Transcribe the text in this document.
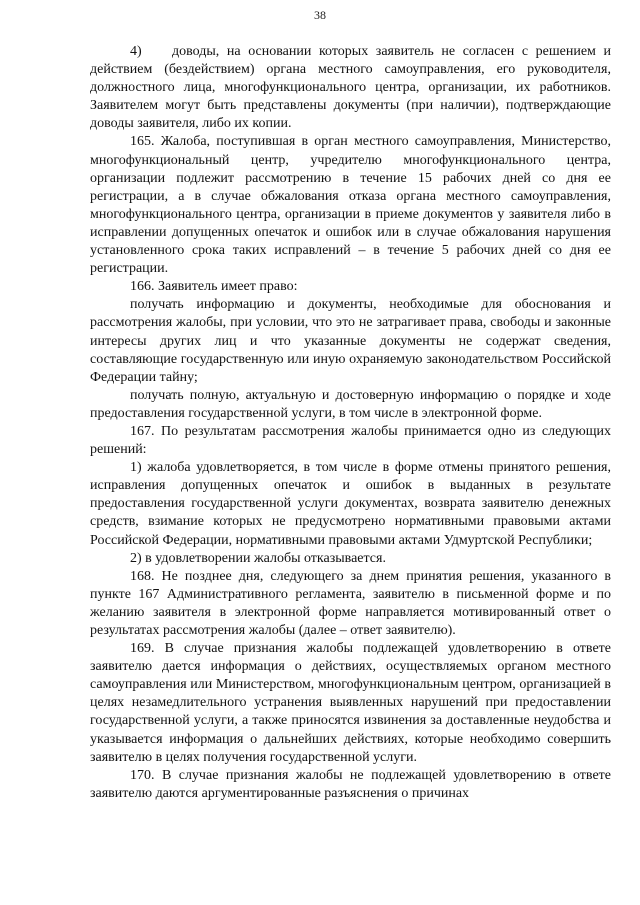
38

4)    доводы, на основании которых заявитель не согласен с решением и действием (бездействием) органа местного самоуправления, его руководителя, должностного лица, многофункционального центра, организации, их работников. Заявителем могут быть представлены документы (при наличии), подтверждающие доводы заявителя, либо их копии.

165. Жалоба, поступившая в орган местного самоуправления, Министерство, многофункциональный центр, учредителю многофункционального центра, организации подлежит рассмотрению в течение 15 рабочих дней со дня ее регистрации, а в случае обжалования отказа органа местного самоуправления, многофункционального центра, организации в приеме документов у заявителя либо в исправлении допущенных опечаток и ошибок или в случае обжалования нарушения установленного срока таких исправлений – в течение 5 рабочих дней со дня ее регистрации.

166. Заявитель имеет право:

получать информацию и документы, необходимые для обоснования и рассмотрения жалобы, при условии, что это не затрагивает права, свободы и законные интересы других лиц и что указанные документы не содержат сведения, составляющие государственную или иную охраняемую законодательством Российской Федерации тайну;

получать полную, актуальную и достоверную информацию о порядке и ходе предоставления государственной услуги, в том числе в электронной форме.

167. По результатам рассмотрения жалобы принимается одно из следующих решений:

1) жалоба удовлетворяется, в том числе в форме отмены принятого решения, исправления допущенных опечаток и ошибок в выданных в результате предоставления государственной услуги документах, возврата заявителю денежных средств, взимание которых не предусмотрено нормативными правовыми актами Российской Федерации, нормативными правовыми актами Удмуртской Республики;

2) в удовлетворении жалобы отказывается.

168. Не позднее дня, следующего за днем принятия решения, указанного в пункте 167 Административного регламента, заявителю в письменной форме и по желанию заявителя в электронной форме направляется мотивированный ответ о результатах рассмотрения жалобы (далее – ответ заявителю).

169. В случае признания жалобы подлежащей удовлетворению в ответе заявителю дается информация о действиях, осуществляемых органом местного самоуправления или Министерством, многофункциональным центром, организацией в целях незамедлительного устранения выявленных нарушений при предоставлении государственной услуги, а также приносятся извинения за доставленные неудобства и указывается информация о дальнейших действиях, которые необходимо совершить заявителю в целях получения государственной услуги.

170. В случае признания жалобы не подлежащей удовлетворению в ответе заявителю даются аргументированные разъяснения о причинах
